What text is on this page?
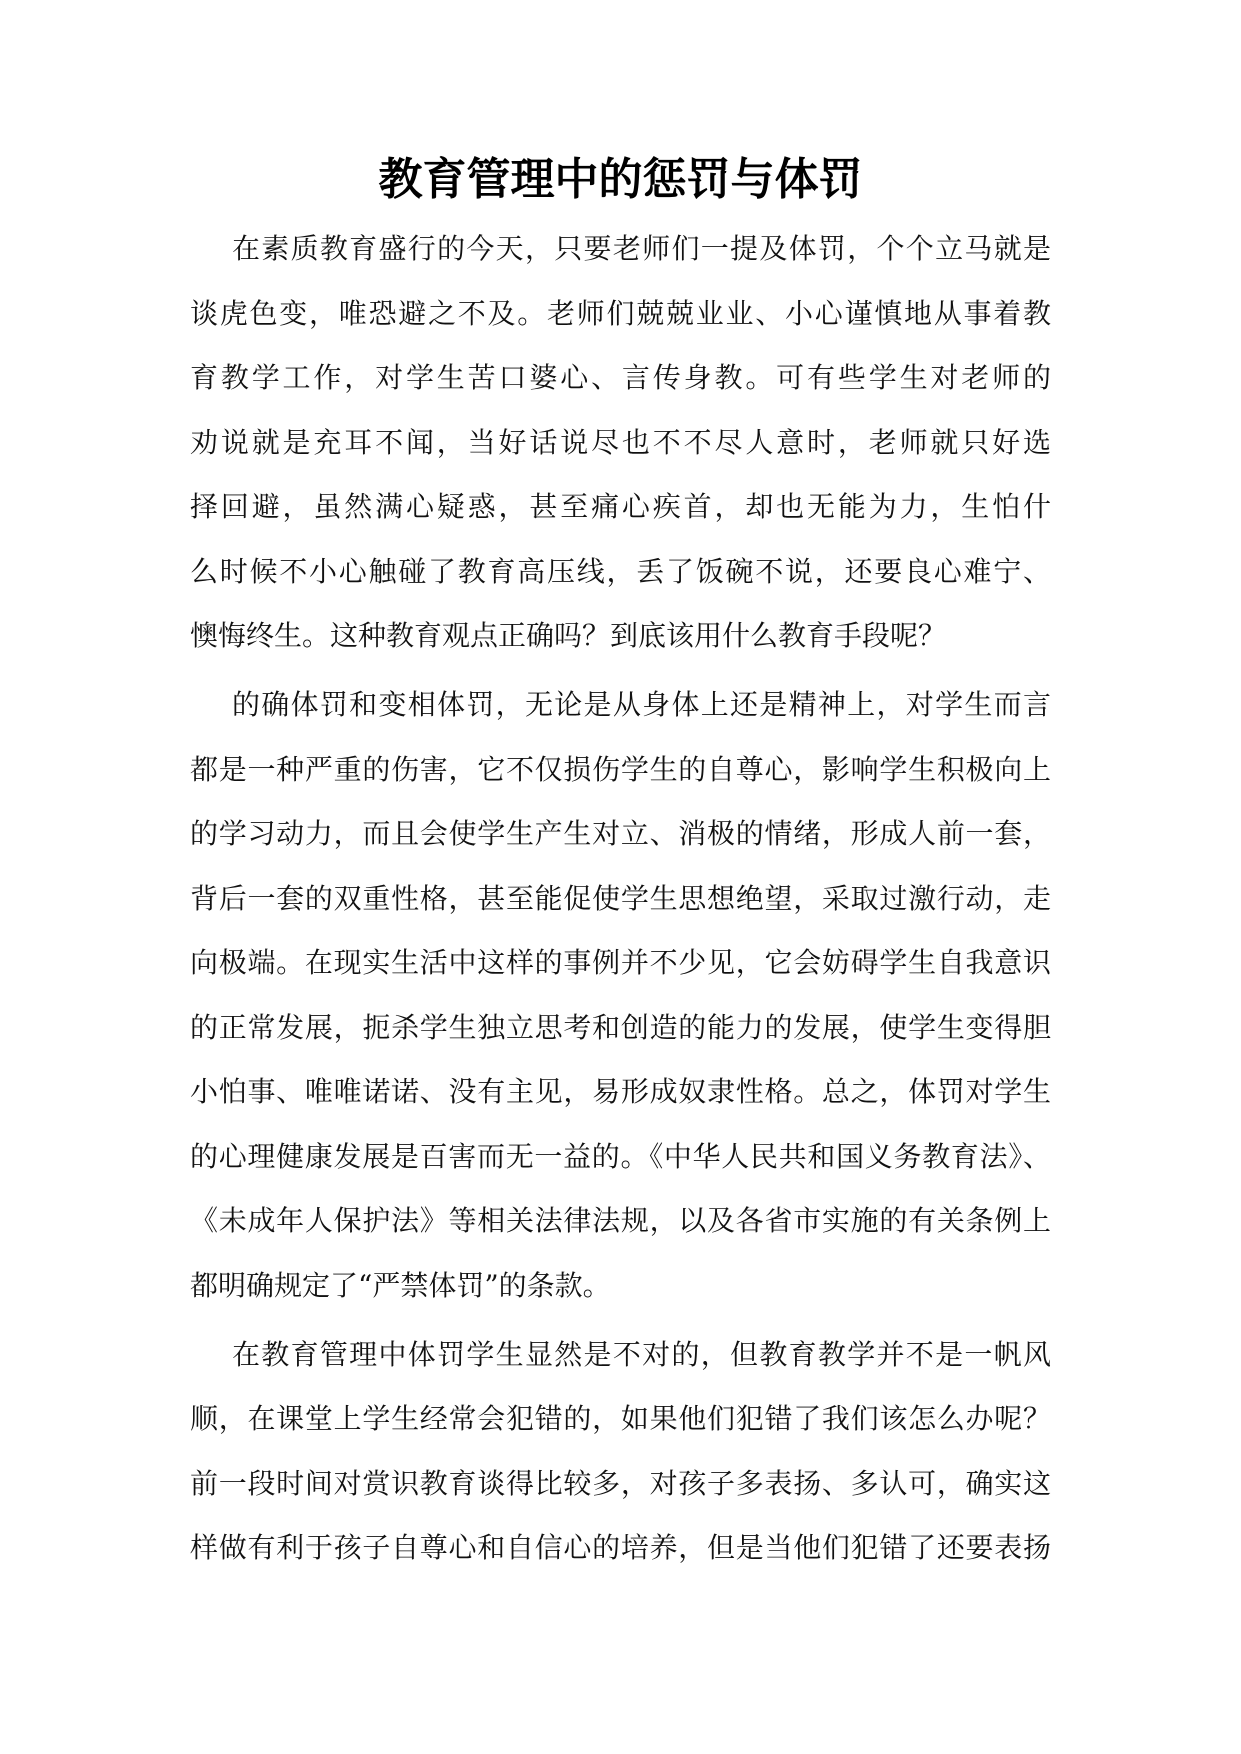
教育管理中的惩罚与体罚
在素质教育盛行的今天，只要老师们一提及体罚，个个立马就是
谈虎色变，唯恐避之不及。老师们兢兢业业、小心谨慎地从事着教
育教学工作，对学生苦口婆心、言传身教。可有些学生对老师的
劝说就是充耳不闻，当好话说尽也不不尽人意时，老师就只好选
择回避，虽然满心疑惑，甚至痛心疾首，却也无能为力，生怕什
么时候不小心触碰了教育高压线，丢了饭碗不说，还要良心难宁、
懊悔终生。这种教育观点正确吗？到底该用什么教育手段呢？
的确体罚和变相体罚，无论是从身体上还是精神上，对学生而言
都是一种严重的伤害，它不仅损伤学生的自尊心，影响学生积极向上
的学习动力，而且会使学生产生对立、消极的情绪，形成人前一套，
背后一套的双重性格，甚至能促使学生思想绝望，采取过激行动，走
向极端。在现实生活中这样的事例并不少见，它会妨碍学生自我意识
的正常发展，扼杀学生独立思考和创造的能力的发展，使学生变得胆
小怕事、唯唯诺诺、没有主见，易形成奴隶性格。总之，体罚对学生
的心理健康发展是百害而无一益的。《中华人民共和国义务教育法》、
《未成年人保护法》等相关法律法规，以及各省市实施的有关条例上
都明确规定了“严禁体罚”的条款。
在教育管理中体罚学生显然是不对的，但教育教学并不是一帆风
顺，在课堂上学生经常会犯错的，如果他们犯错了我们该怎么办呢？
前一段时间对赏识教育谈得比较多，对孩子多表扬、多认可，确实这
样做有利于孩子自尊心和自信心的培养，但是当他们犯错了还要表扬
